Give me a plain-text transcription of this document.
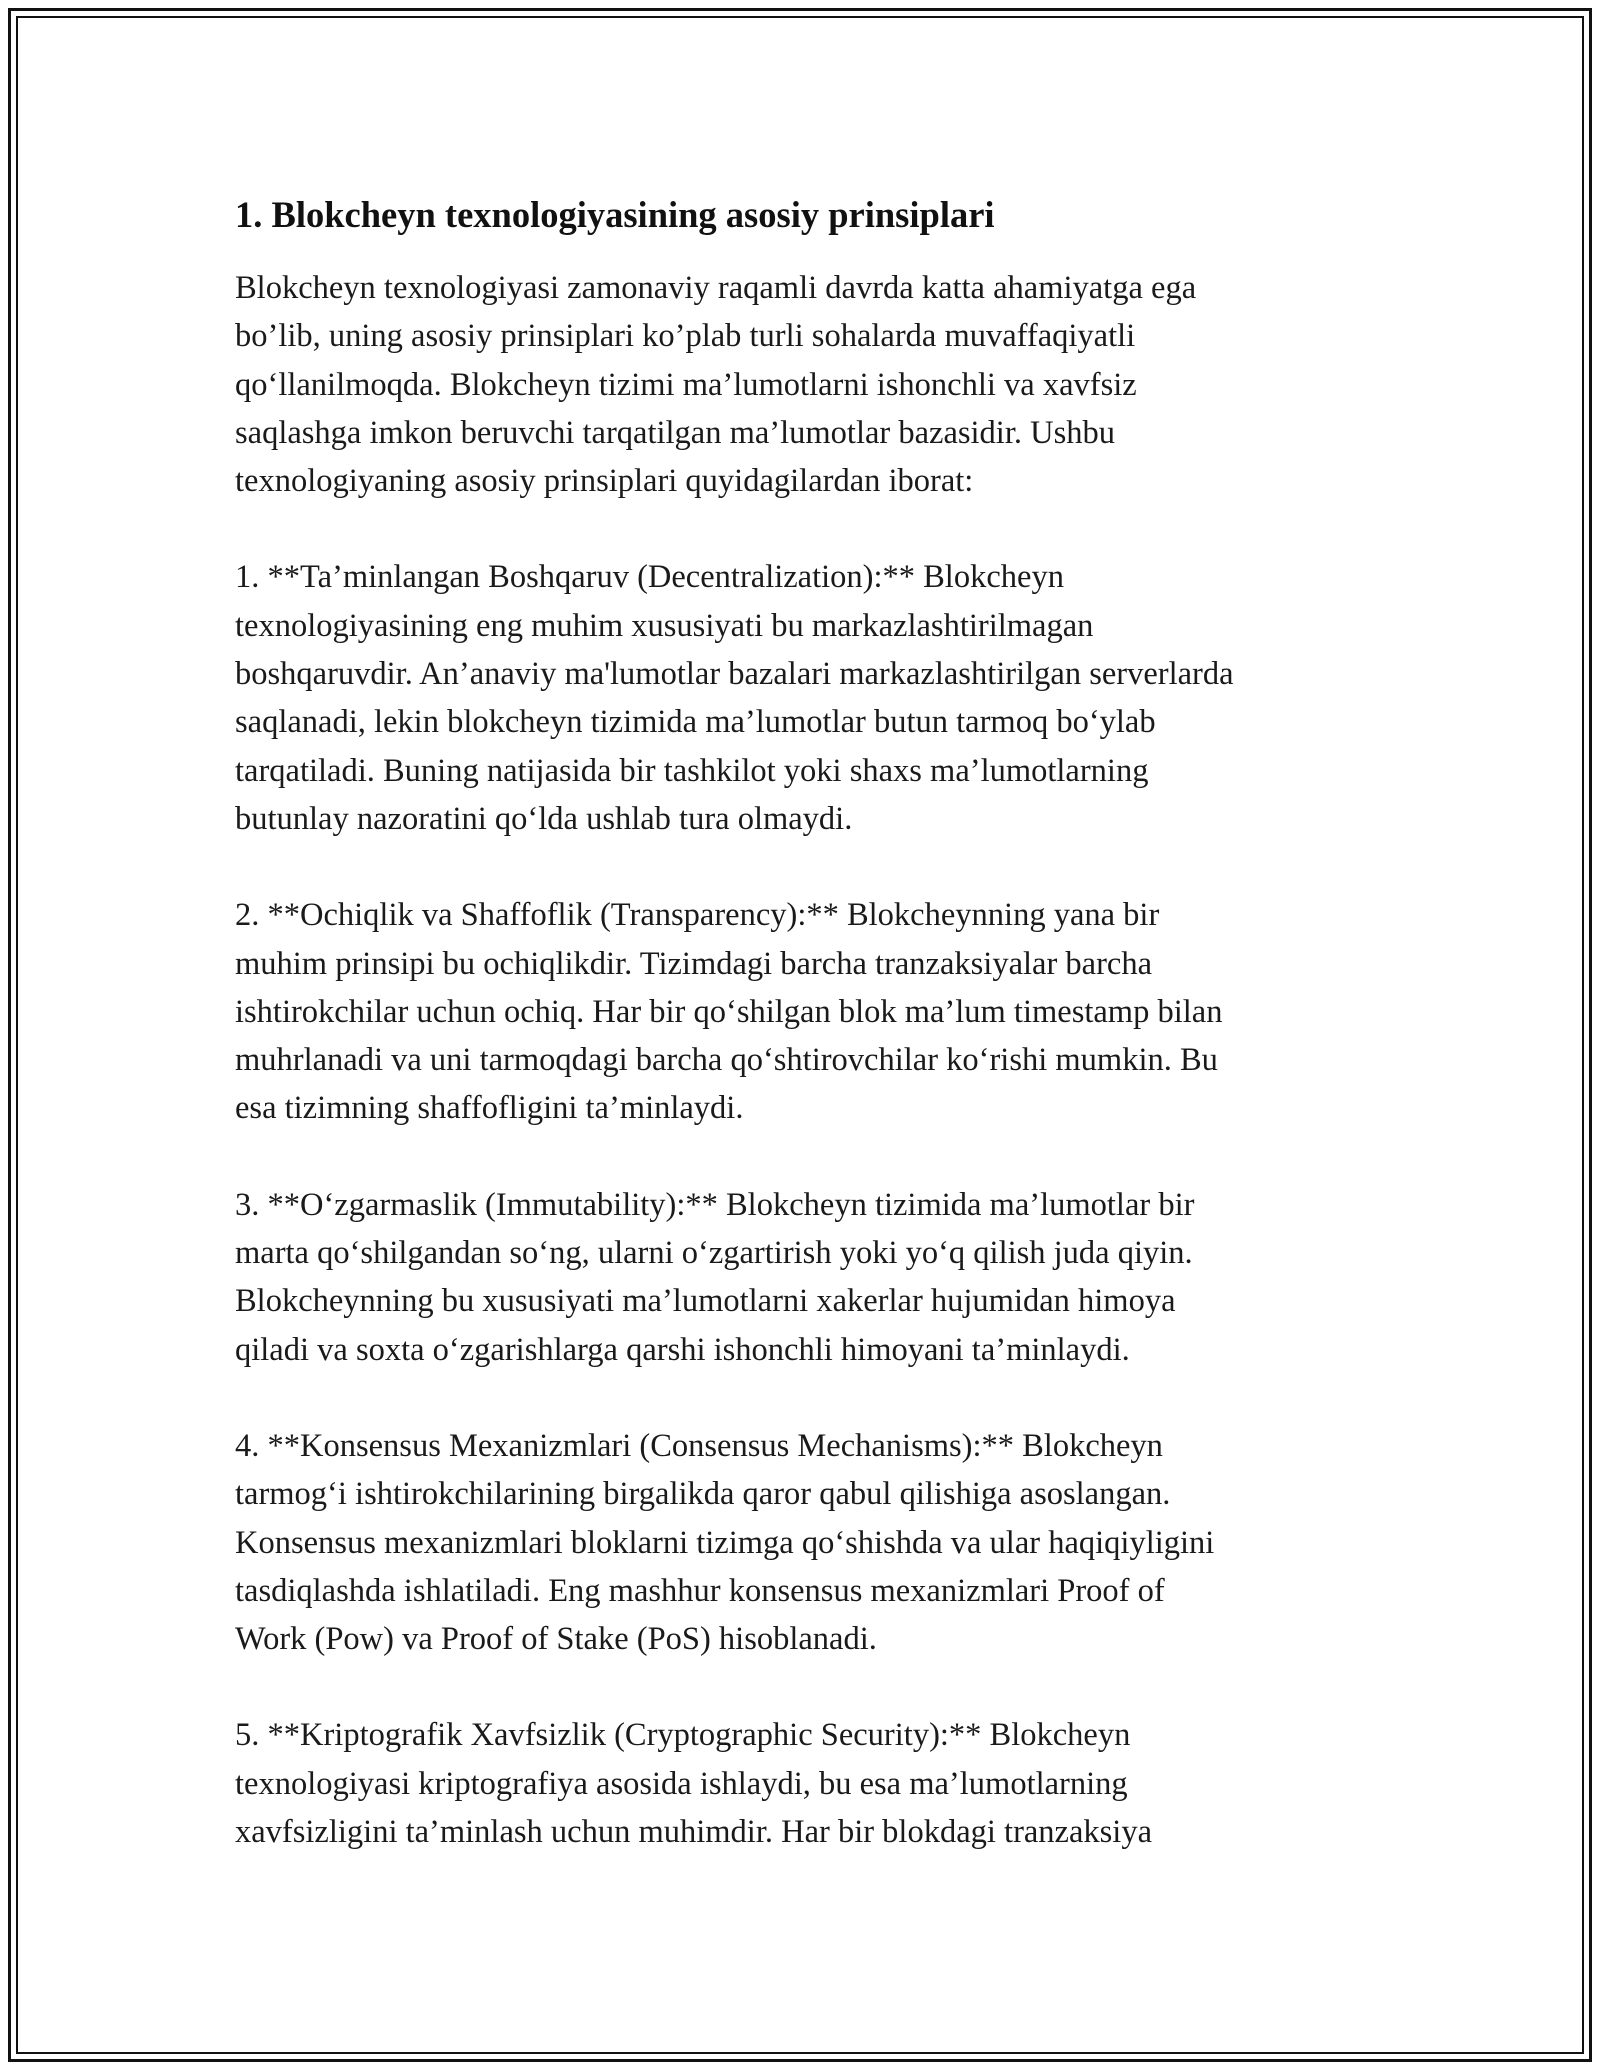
1. Blokcheyn texnologiyasining asosiy prinsiplari

Blokcheyn texnologiyasi zamonaviy raqamli davrda katta ahamiyatga ega
bo’lib, uning asosiy prinsiplari ko’plab turli sohalarda muvaffaqiyatli
qo‘llanilmoqda. Blokcheyn tizimi ma’lumotlarni ishonchli va xavfsiz
saqlashga imkon beruvchi tarqatilgan ma’lumotlar bazasidir. Ushbu
texnologiyaning asosiy prinsiplari quyidagilardan iborat:

1. **Ta’minlangan Boshqaruv (Decentralization):** Blokcheyn
texnologiyasining eng muhim xususiyati bu markazlashtirilmagan
boshqaruvdir. An’anaviy ma'lumotlar bazalari markazlashtirilgan serverlarda
saqlanadi, lekin blokcheyn tizimida ma’lumotlar butun tarmoq bo‘ylab
tarqatiladi. Buning natijasida bir tashkilot yoki shaxs ma’lumotlarning
butunlay nazoratini qo‘lda ushlab tura olmaydi.

2. **Ochiqlik va Shaffoflik (Transparency):** Blokcheynning yana bir
muhim prinsipi bu ochiqlikdir. Tizimdagi barcha tranzaksiyalar barcha
ishtirokchilar uchun ochiq. Har bir qo‘shilgan blok ma’lum timestamp bilan
muhrlanadi va uni tarmoqdagi barcha qo‘shtirovchilar ko‘rishi mumkin. Bu
esa tizimning shaffofligini ta’minlaydi.

3. **O‘zgarmaslik (Immutability):** Blokcheyn tizimida ma’lumotlar bir
marta qo‘shilgandan so‘ng, ularni o‘zgartirish yoki yo‘q qilish juda qiyin.
Blokcheynning bu xususiyati ma’lumotlarni xakerlar hujumidan himoya
qiladi va soxta o‘zgarishlarga qarshi ishonchli himoyani ta’minlaydi.

4. **Konsensus Mexanizmlari (Consensus Mechanisms):** Blokcheyn
tarmog‘i ishtirokchilarining birgalikda qaror qabul qilishiga asoslangan.
Konsensus mexanizmlari bloklarni tizimga qo‘shishda va ular haqiqiyligini
tasdiqlashda ishlatiladi. Eng mashhur konsensus mexanizmlari Proof of
Work (Pow) va Proof of Stake (PoS) hisoblanadi.

5. **Kriptografik Xavfsizlik (Cryptographic Security):** Blokcheyn
texnologiyasi kriptografiya asosida ishlaydi, bu esa ma’lumotlarning
xavfsizligini ta’minlash uchun muhimdir. Har bir blokdagi tranzaksiya
